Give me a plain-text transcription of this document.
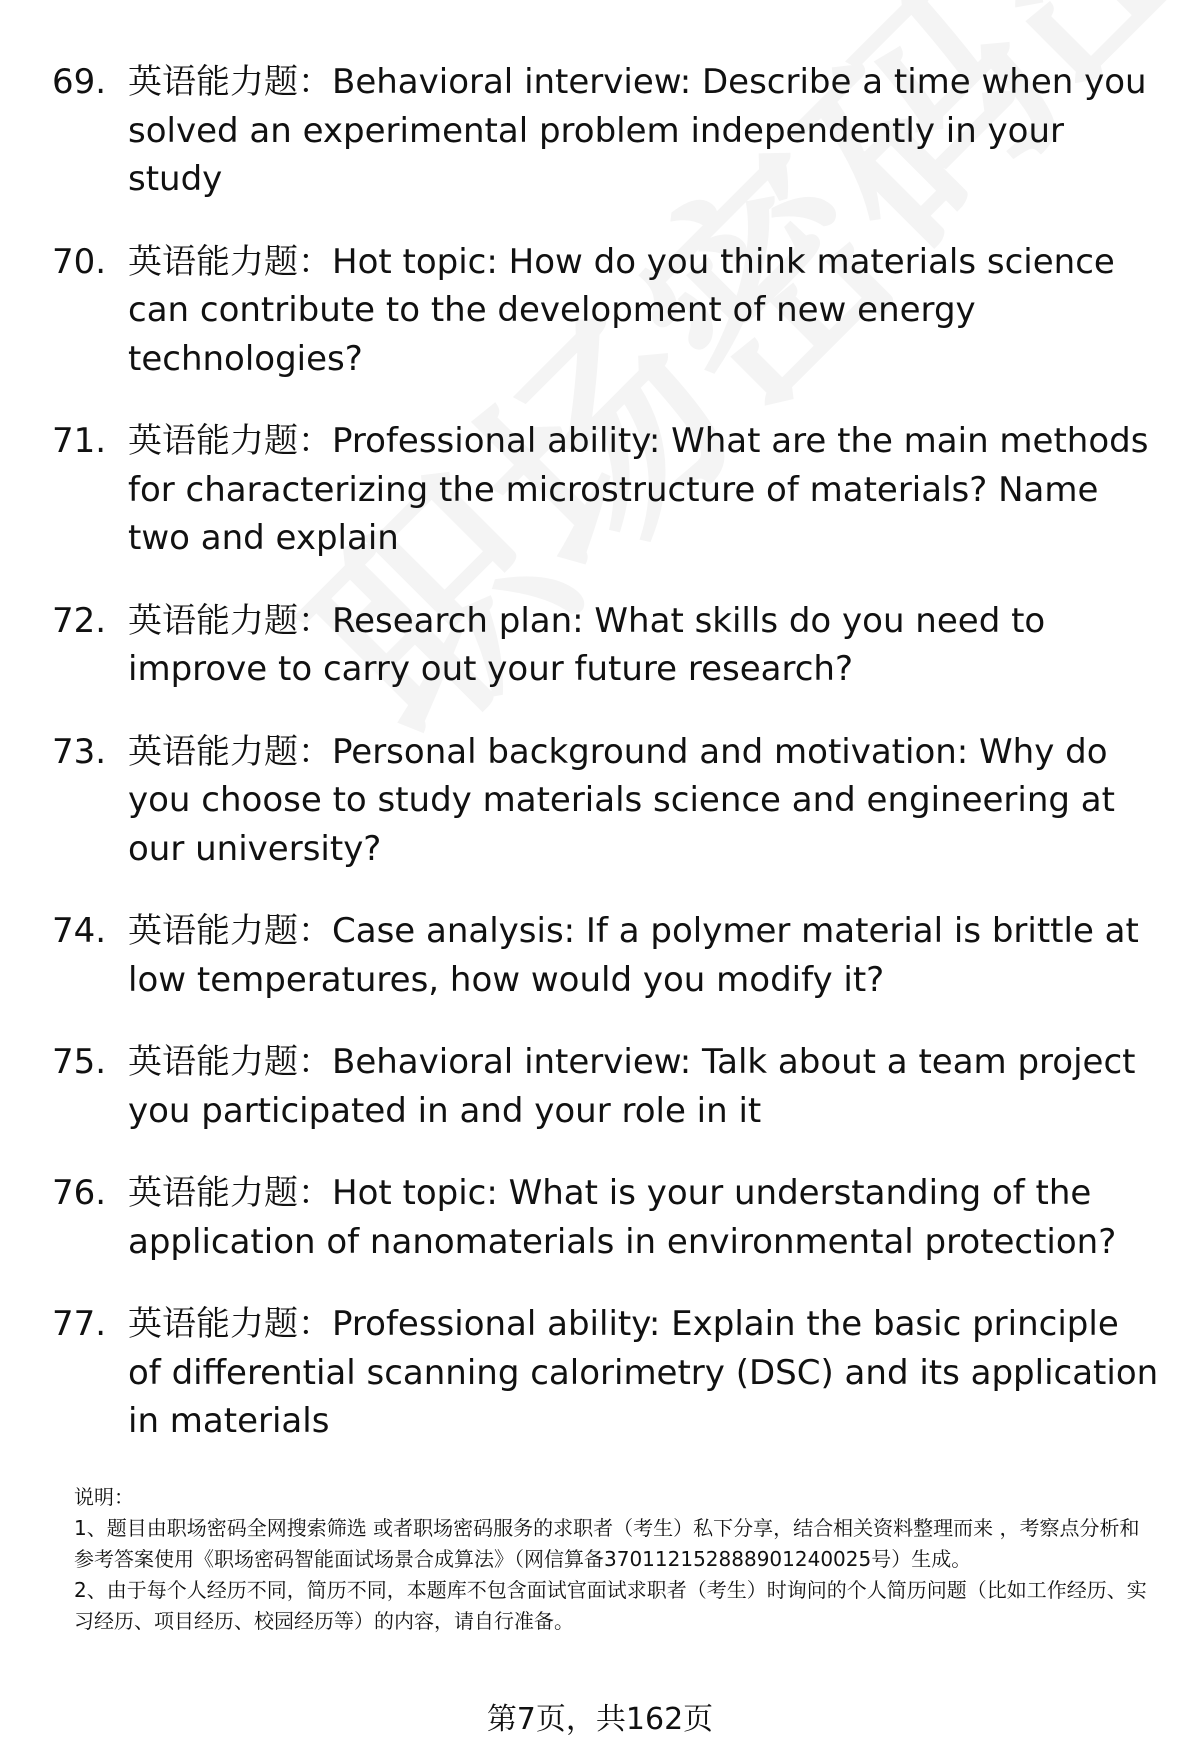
69. 英语能力题：Behavioral interview: Describe a time when you solved an experimental problem independently in your study
70. 英语能力题：Hot topic: How do you think materials science can contribute to the development of new energy technologies?
71. 英语能力题：Professional ability: What are the main methods for characterizing the microstructure of materials? Name two and explain
72. 英语能力题：Research plan: What skills do you need to improve to carry out your future research?
73. 英语能力题：Personal background and motivation: Why do you choose to study materials science and engineering at our university?
74. 英语能力题：Case analysis: If a polymer material is brittle at low temperatures, how would you modify it?
75. 英语能力题：Behavioral interview: Talk about a team project you participated in and your role in it
76. 英语能力题：Hot topic: What is your understanding of the application of nanomaterials in environmental protection?
77. 英语能力题：Professional ability: Explain the basic principle of differential scanning calorimetry (DSC) and its application in materials

说明：

1、题目由职场密码全网搜索筛选 或者职场密码服务的求职者（考生）私下分享，结合相关资料整理而来 ，考察点分析和参考答案使用《职场密码智能面试场景合成算法》（网信算备370112152888901240025号）生成。

2、由于每个人经历不同，简历不同，本题库不包含面试官面试求职者（考生）时询问的个人简历问题（比如工作经历、实习经历、项目经历、校园经历等）的内容，请自行准备。

第7页，共162页
